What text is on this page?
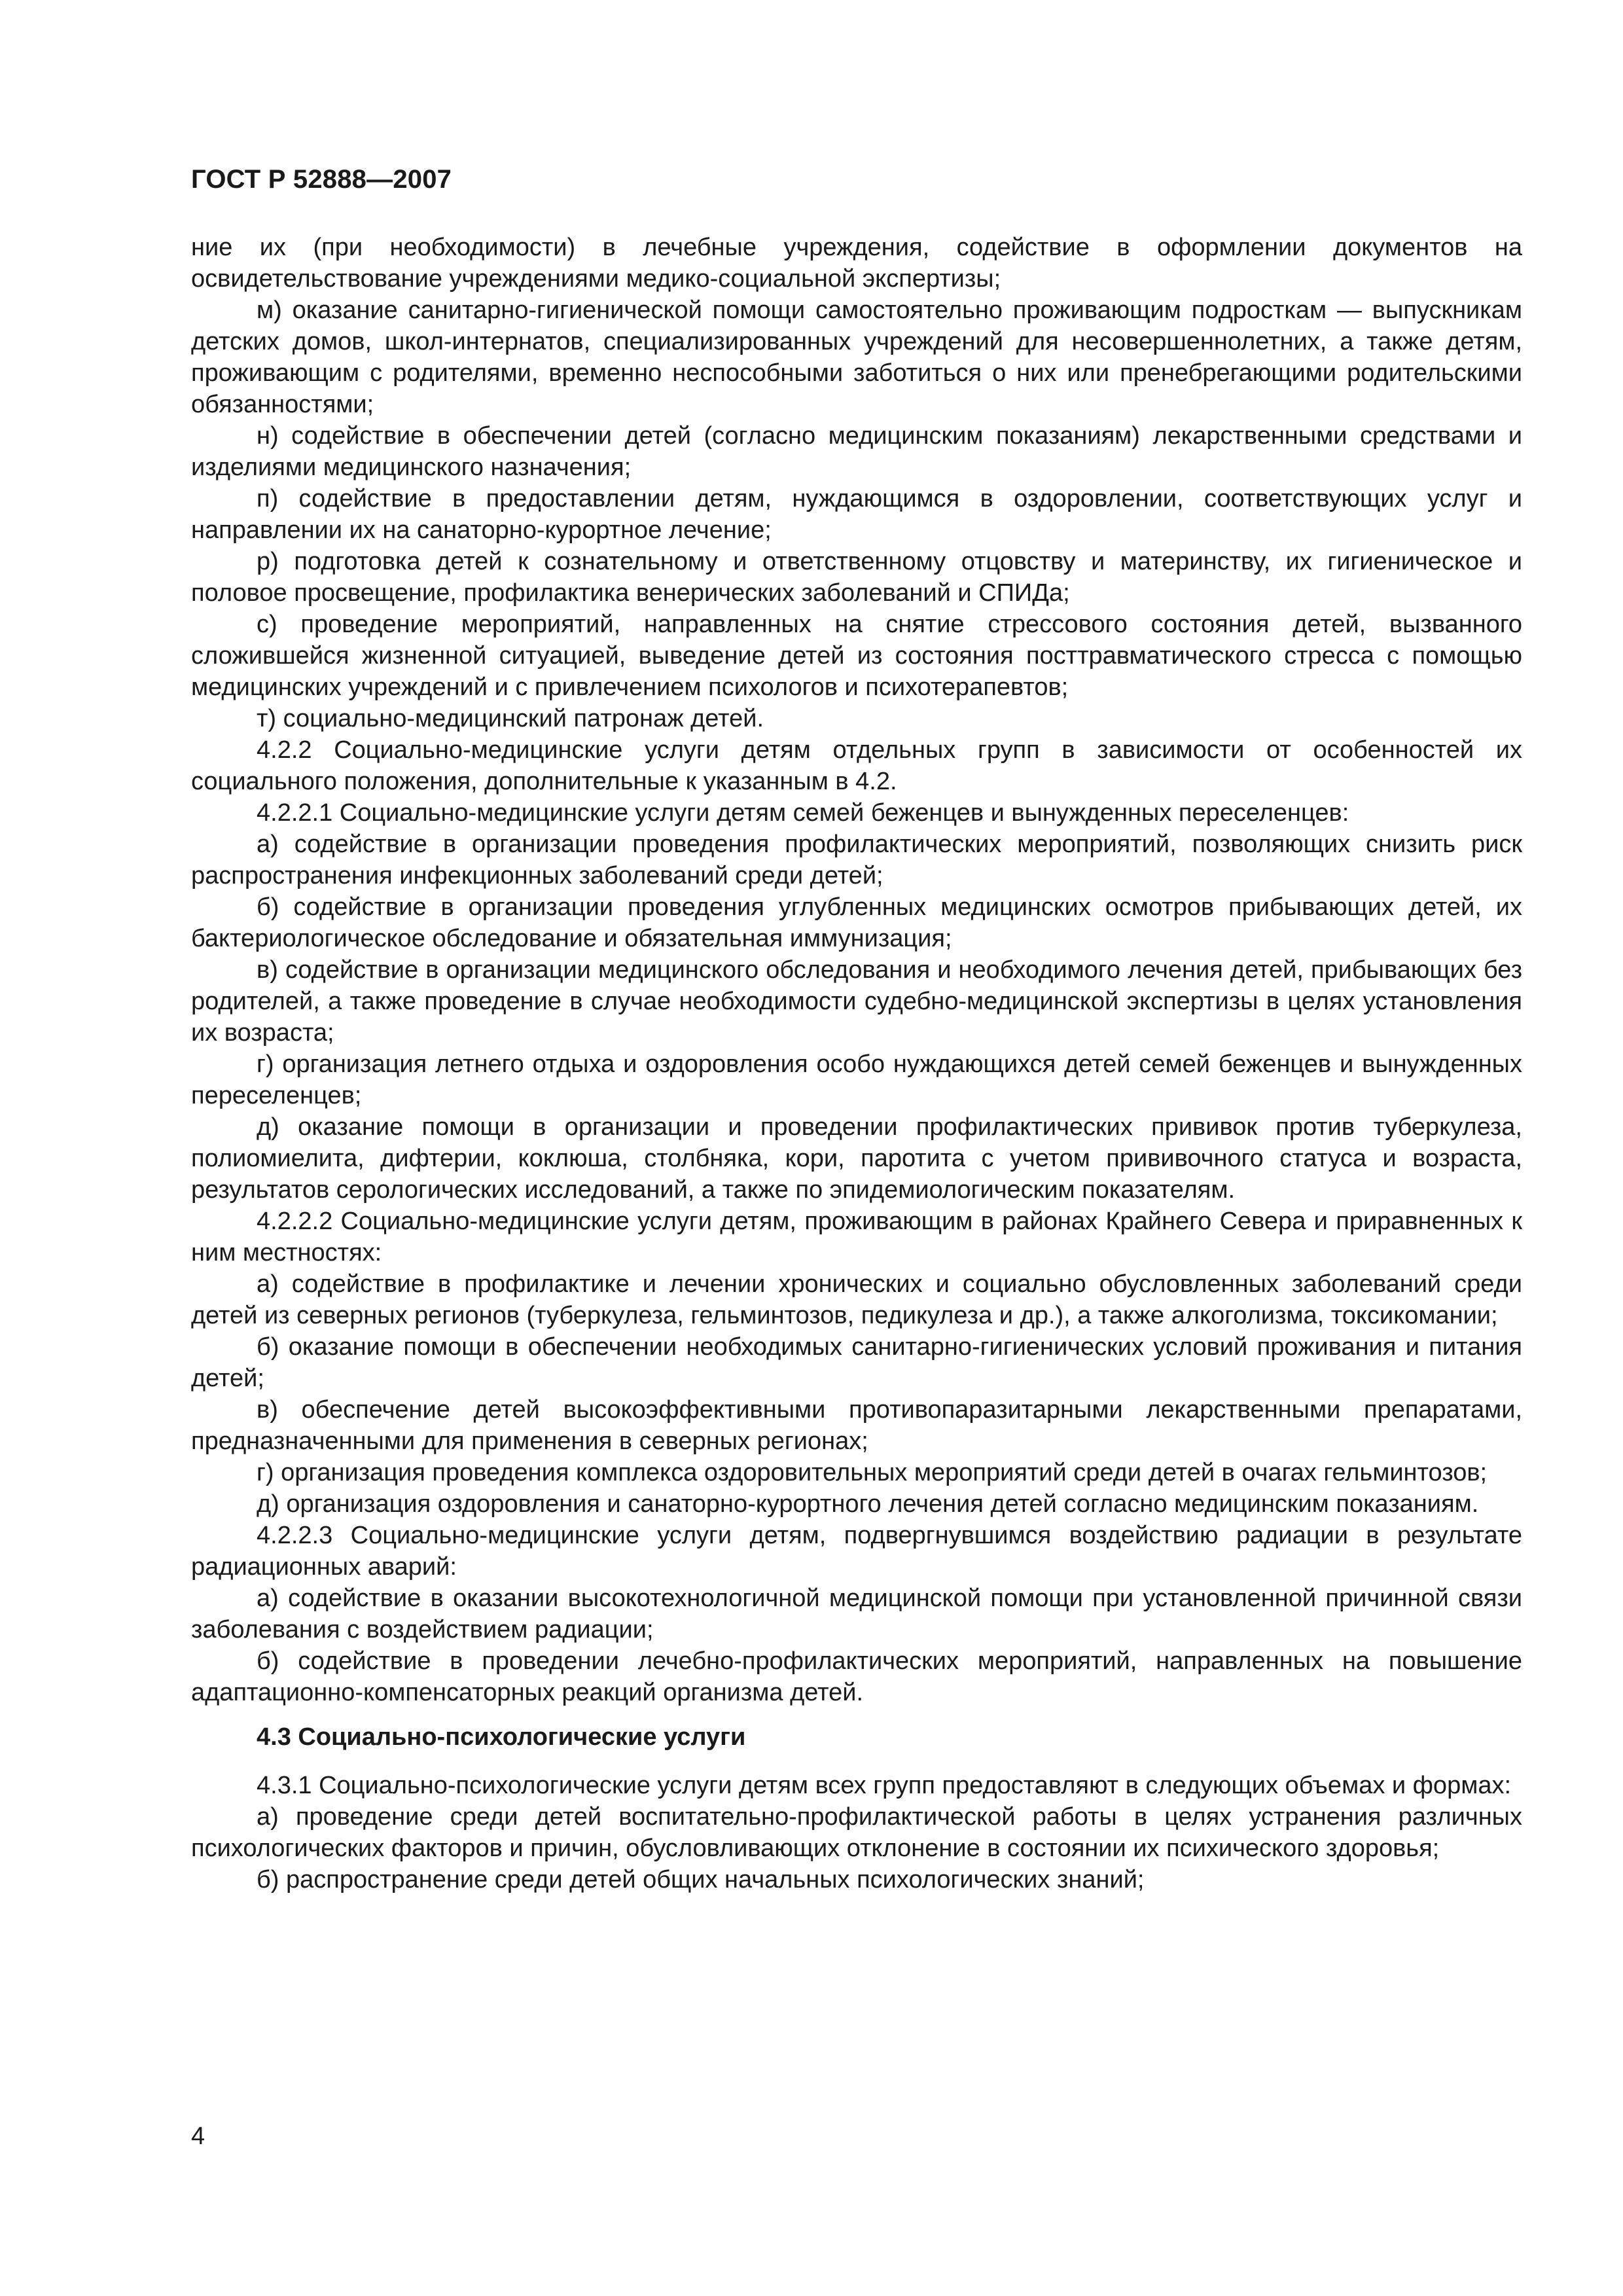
ГОСТ Р 52888—2007

ние их (при необходимости) в лечебные учреждения, содействие в оформлении документов на освидетельствование учреждениями медико-социальной экспертизы;

м) оказание санитарно-гигиенической помощи самостоятельно проживающим подросткам — выпускникам детских домов, школ-интернатов, специализированных учреждений для несовершеннолетних, а также детям, проживающим с родителями, временно неспособными заботиться о них или пренебрегающими родительскими обязанностями;

н) содействие в обеспечении детей (согласно медицинским показаниям) лекарственными средствами и изделиями медицинского назначения;

п) содействие в предоставлении детям, нуждающимся в оздоровлении, соответствующих услуг и направлении их на санаторно-курортное лечение;

р) подготовка детей к сознательному и ответственному отцовству и материнству, их гигиеническое и половое просвещение, профилактика венерических заболеваний и СПИДа;

с) проведение мероприятий, направленных на снятие стрессового состояния детей, вызванного сложившейся жизненной ситуацией, выведение детей из состояния посттравматического стресса с помощью медицинских учреждений и с привлечением психологов и психотерапевтов;

т) социально-медицинский патронаж детей.

4.2.2 Социально-медицинские услуги детям отдельных групп в зависимости от особенностей их социального положения, дополнительные к указанным в 4.2.

4.2.2.1 Социально-медицинские услуги детям семей беженцев и вынужденных переселенцев:

а) содействие в организации проведения профилактических мероприятий, позволяющих снизить риск распространения инфекционных заболеваний среди детей;

б) содействие в организации проведения углубленных медицинских осмотров прибывающих детей, их бактериологическое обследование и обязательная иммунизация;

в) содействие в организации медицинского обследования и необходимого лечения детей, прибывающих без родителей, а также проведение в случае необходимости судебно-медицинской экспертизы в целях установления их возраста;

г) организация летнего отдыха и оздоровления особо нуждающихся детей семей беженцев и вынужденных переселенцев;

д) оказание помощи в организации и проведении профилактических прививок против туберкулеза, полиомиелита, дифтерии, коклюша, столбняка, кори, паротита с учетом прививочного статуса и возраста, результатов серологических исследований, а также по эпидемиологическим показателям.

4.2.2.2 Социально-медицинские услуги детям, проживающим в районах Крайнего Севера и приравненных к ним местностях:

а) содействие в профилактике и лечении хронических и социально обусловленных заболеваний среди детей из северных регионов (туберкулеза, гельминтозов, педикулеза и др.), а также алкоголизма, токсикомании;

б) оказание помощи в обеспечении необходимых санитарно-гигиенических условий проживания и питания детей;

в) обеспечение детей высокоэффективными противопаразитарными лекарственными препаратами, предназначенными для применения в северных регионах;

г) организация проведения комплекса оздоровительных мероприятий среди детей в очагах гельминтозов;

д) организация оздоровления и санаторно-курортного лечения детей согласно медицинским показаниям.

4.2.2.3 Социально-медицинские услуги детям, подвергнувшимся воздействию радиации в результате радиационных аварий:

а) содействие в оказании высокотехнологичной медицинской помощи при установленной причинной связи заболевания с воздействием радиации;

б) содействие в проведении лечебно-профилактических мероприятий, направленных на повышение адаптационно-компенсаторных реакций организма детей.

4.3 Социально-психологические услуги

4.3.1 Социально-психологические услуги детям всех групп предоставляют в следующих объемах и формах:

а) проведение среди детей воспитательно-профилактической работы в целях устранения различных психологических факторов и причин, обусловливающих отклонение в состоянии их психического здоровья;

б) распространение среди детей общих начальных психологических знаний;

4
